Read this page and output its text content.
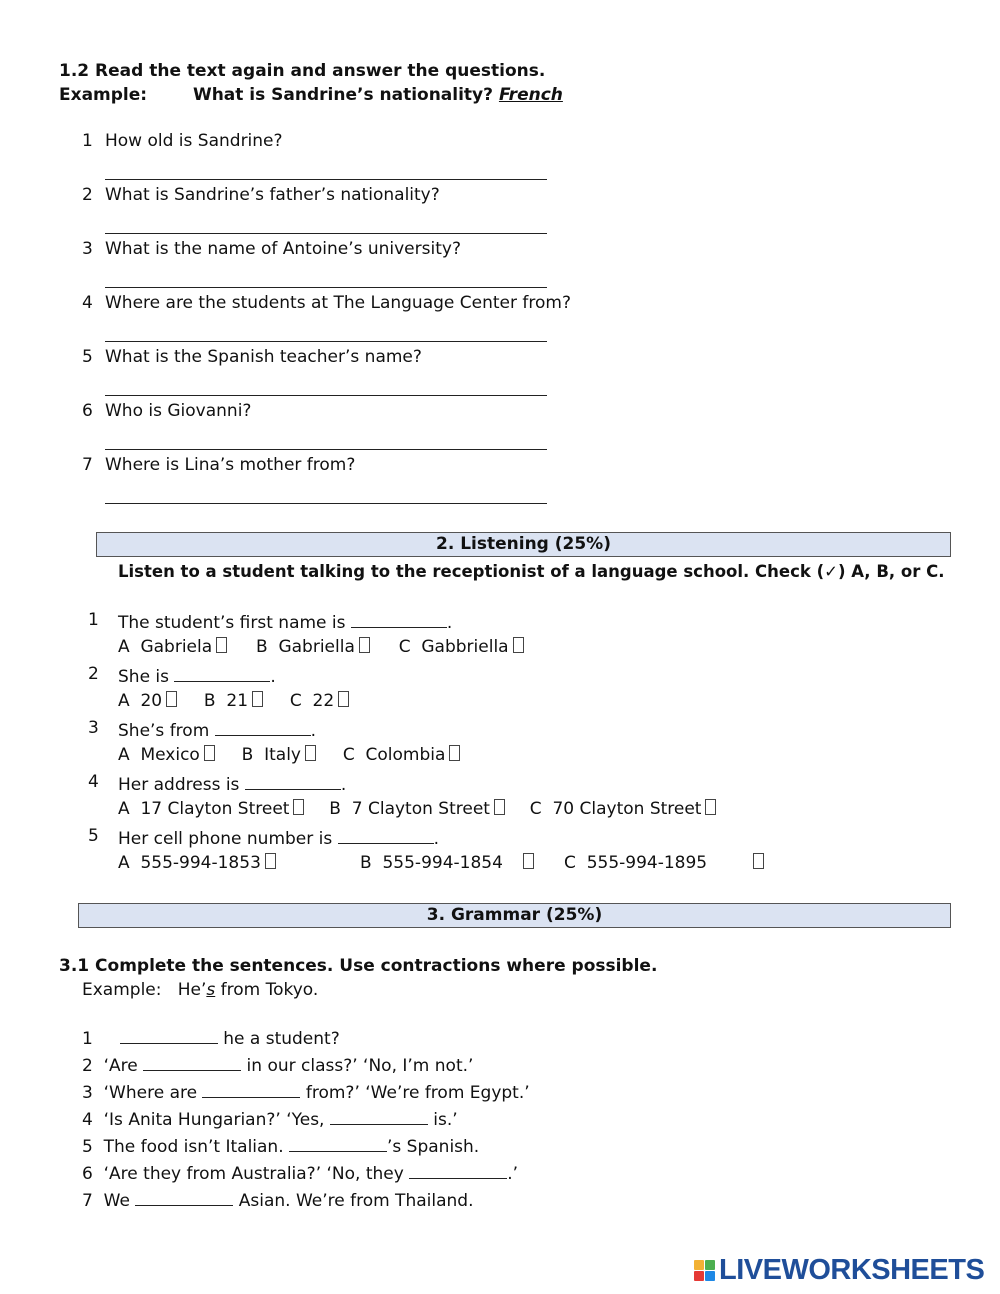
1.2 Read the text again and answer the questions.
Example:	What is Sandrine’s nationality? French
1 How old is Sandrine?
2 What is Sandrine’s father’s nationality?
3 What is the name of Antoine’s university?
4 Where are the students at The Language Center from?
5 What is the Spanish teacher’s name?
6 Who is Giovanni?
7 Where is Lina’s mother from?
2. Listening (25%)
Listen to a student talking to the receptionist of a language school. Check (✓) A, B, or C.
1 The student’s first name is	.
A Gabriela	B Gabriella	C Gabbriella
2 She is	.
A 20 B 21 C 22
3 She’s from	.
A Mexico B Italy C Colombia
4 Her address is	.
A 17 Clayton Street B 7 Clayton Street C 70 Clayton Street
5 Her cell phone number is	.
A 555-994-1853	B 555-994-1854	C 555-994-1895
3. Grammar (25%)
3.1 Complete the sentences. Use contractions where possible.
Example: He’s from Tokyo.
1	he a student?
2 ‘Are	in our class?’ ‘No, I’m not.’
3 ‘Where are	from?’ ‘We’re from Egypt.’
4 ‘Is Anita Hungarian?’ ‘Yes,	is.’
5 The food isn’t Italian.	’s Spanish.
6 ‘Are they from Australia?’ ‘No, they	.’
7 We	Asian. We’re from Thailand.
LIVEWORKSHEETS
